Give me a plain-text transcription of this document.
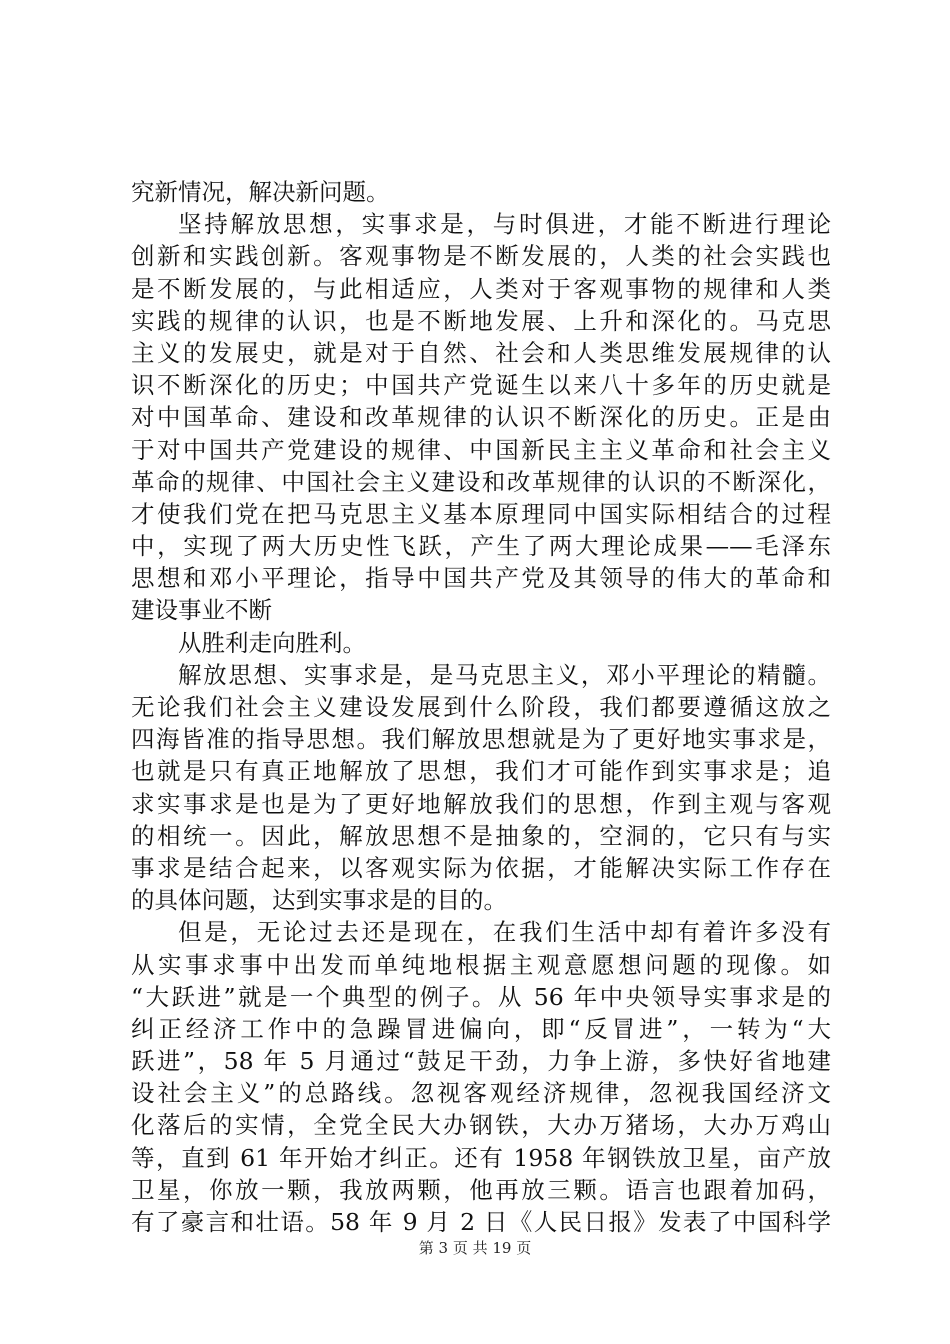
究新情况，解决新问题。
坚持解放思想，实事求是，与时俱进，才能不断进行理论
创新和实践创新。客观事物是不断发展的，人类的社会实践也
是不断发展的，与此相适应，人类对于客观事物的规律和人类
实践的规律的认识，也是不断地发展、上升和深化的。马克思
主义的发展史，就是对于自然、社会和人类思维发展规律的认
识不断深化的历史；中国共产党诞生以来八十多年的历史就是
对中国革命、建设和改革规律的认识不断深化的历史。正是由
于对中国共产党建设的规律、中国新民主主义革命和社会主义
革命的规律、中国社会主义建设和改革规律的认识的不断深化，
才使我们党在把马克思主义基本原理同中国实际相结合的过程
中，实现了两大历史性飞跃，产生了两大理论成果——毛泽东
思想和邓小平理论，指导中国共产党及其领导的伟大的革命和
建设事业不断
从胜利走向胜利。
解放思想、实事求是，是马克思主义，邓小平理论的精髓。
无论我们社会主义建设发展到什么阶段，我们都要遵循这放之
四海皆准的指导思想。我们解放思想就是为了更好地实事求是，
也就是只有真正地解放了思想，我们才可能作到实事求是；追
求实事求是也是为了更好地解放我们的思想，作到主观与客观
的相统一。因此，解放思想不是抽象的，空洞的，它只有与实
事求是结合起来，以客观实际为依据，才能解决实际工作存在
的具体问题，达到实事求是的目的。
但是，无论过去还是现在，在我们生活中却有着许多没有
从实事求事中出发而单纯地根据主观意愿想问题的现像。如
“大跃进”就是一个典型的例子。从 56 年中央领导实事求是的
纠正经济工作中的急躁冒进偏向，即“反冒进”，一转为“大
跃进”，58 年 5 月通过“鼓足干劲，力争上游，多快好省地建
设社会主义”的总路线。忽视客观经济规律，忽视我国经济文
化落后的实情，全党全民大办钢铁，大办万猪场，大办万鸡山
等，直到 61 年开始才纠正。还有 1958 年钢铁放卫星，亩产放
卫星，你放一颗，我放两颗，他再放三颗。语言也跟着加码，
有了豪言和壮语。58 年 9 月 2 日《人民日报》发表了中国科学
第 3 页 共 19 页
